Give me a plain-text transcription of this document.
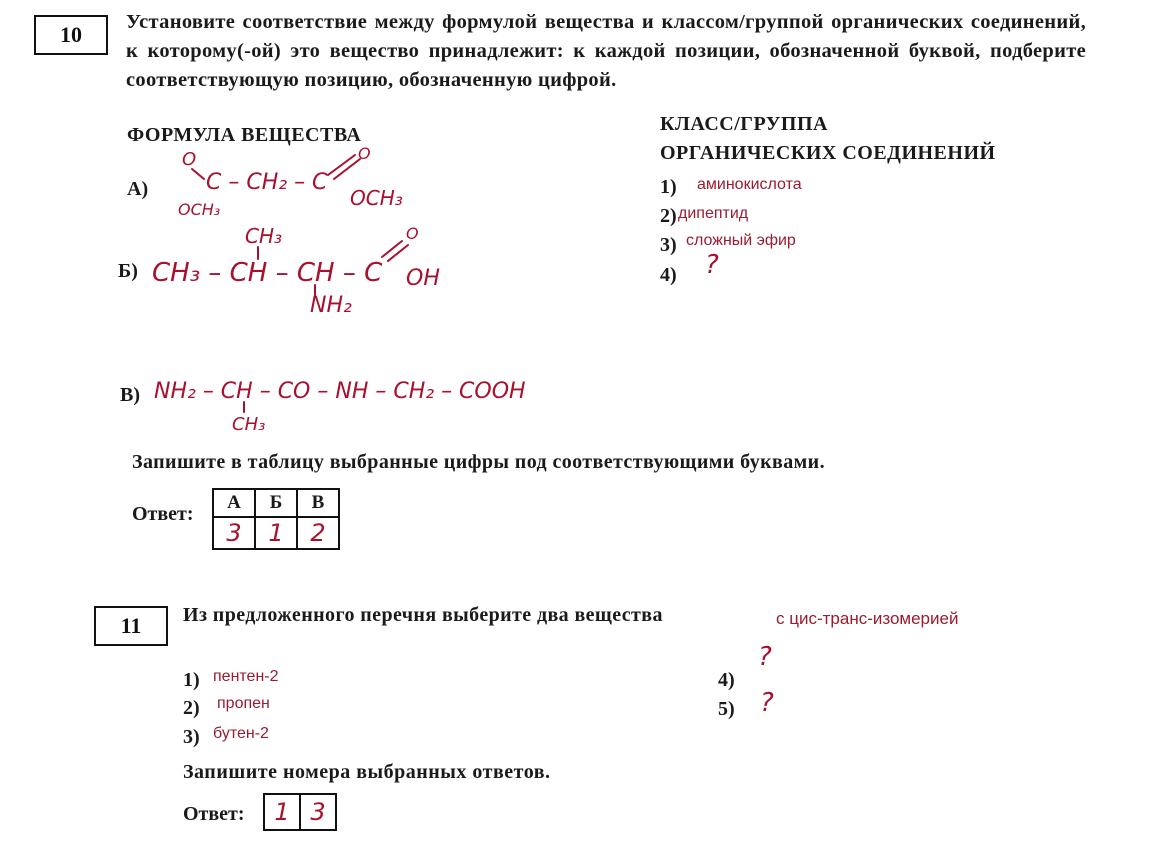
10 Установите соответствие между формулой вещества и классом/группой органических соединений, к которому(-ой) это вещество принадлежит: к каждой позиции, обозначенной буквой, подберите соответствующую позицию, обозначенную цифрой.
ФОРМУЛА ВЕЩЕСТВА	КЛАСС/ГРУППА
ОРГАНИЧЕСКИХ СОЕДИНЕНИЙ
А)
O
C – CH₂ – C
O
OCH₃
OCH₃
Б)
CH₃
CH₃ – CH – CH – C
O
OH
NH₂
В) NH₂ – CH – CO – NH – CH₂ – COOH
CH₃
1) аминокислота
2) дипептид
3) сложный эфир
4) ?
Запишите в таблицу выбранные цифры под соответствующими буквами.
Ответ:
А	Б	В
3	1	2
11 Из предложенного перечня выберите два вещества	с цис-транс-изомерией
1) пентен-2
2) пропен
3) бутен-2
4)
?
5) ?
Запишите номера выбранных ответов.
Ответ: 1	3
